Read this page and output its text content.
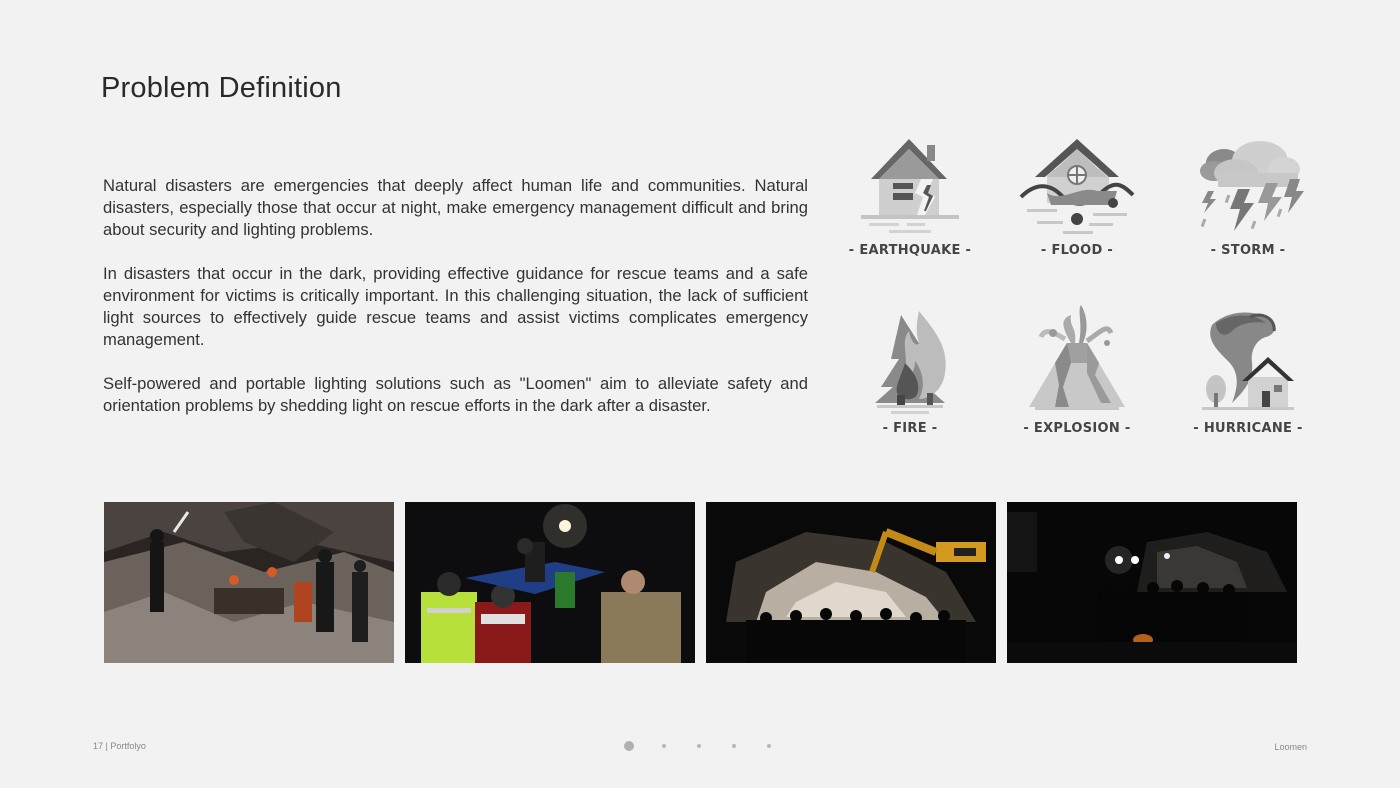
Problem Definition

Natural disasters are emergencies that deeply affect human life and communities. Natural disasters, especially those that occur at night, make emergency management difficult and bring about security and lighting problems.

In disasters that occur in the dark, providing effective guidance for rescue teams and a safe environment for victims is critically important. In this challenging situation, the lack of sufficient light sources to effectively guide rescue teams and assist victims complicates emergency management.

Self-powered and portable lighting solutions such as "Loomen" aim to alleviate safety and orientation problems by shedding light on rescue efforts in the dark after a disaster.

- EARTHQUAKE -	- FLOOD -	- STORM -
- FIRE -	- EXPLOSION -	- HURRICANE -
17 | Portfolyo	Loomen
